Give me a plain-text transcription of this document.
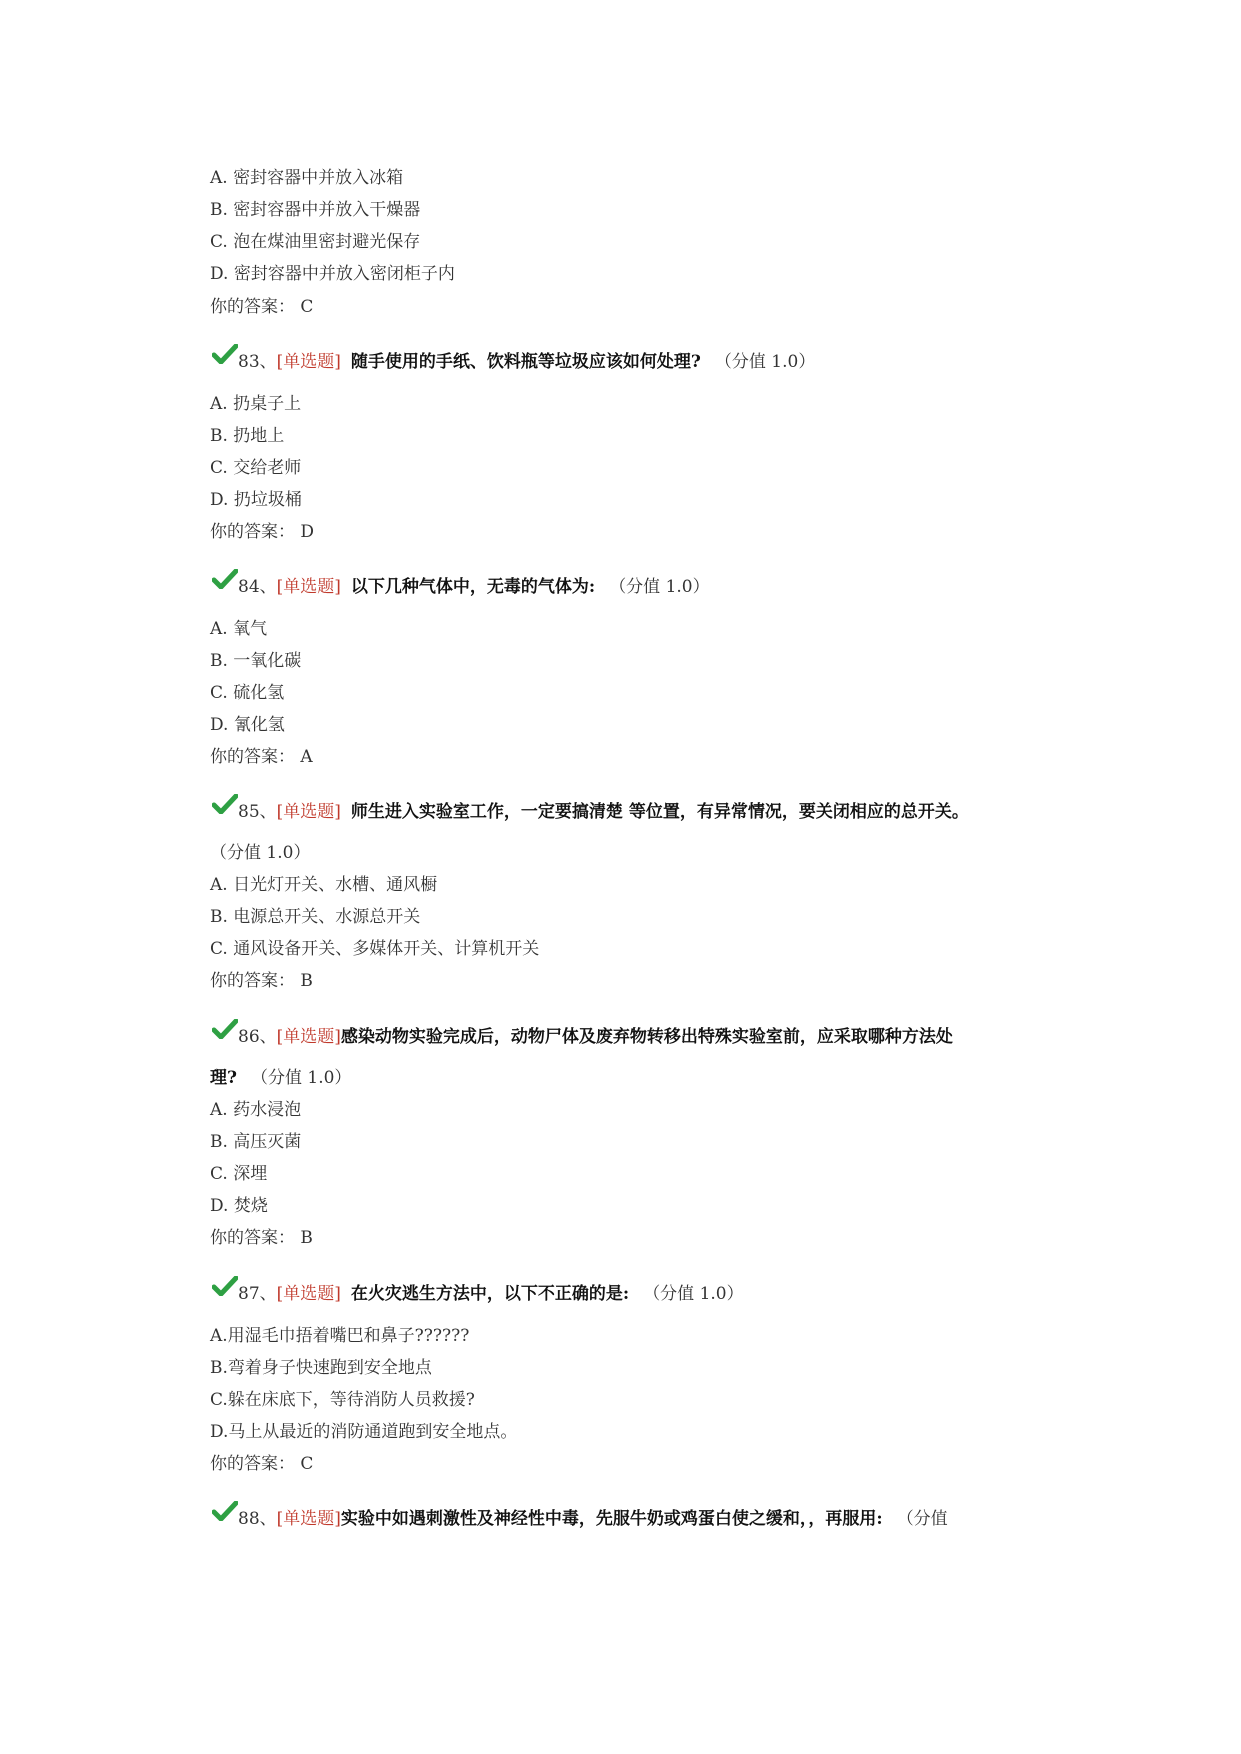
A. 密封容器中并放入冰箱
B. 密封容器中并放入干燥器
C. 泡在煤油里密封避光保存
D. 密封容器中并放入密闭柜子内
你的答案： C
83、[单选题] 随手使用的手纸、饮料瓶等垃圾应该如何处理? （分值 1.0）
A. 扔桌子上
B. 扔地上
C. 交给老师
D. 扔垃圾桶
你的答案： D
84、[单选题] 以下几种气体中，无毒的气体为: （分值 1.0）
A. 氧气
B. 一氧化碳
C. 硫化氢
D. 氰化氢
你的答案： A
85、[单选题] 师生进入实验室工作，一定要搞清楚 等位置，有异常情况，要关闭相应的总开关。
（分值 1.0）
A. 日光灯开关、水槽、通风橱
B. 电源总开关、水源总开关
C. 通风设备开关、多媒体开关、计算机开关
你的答案： B
86、[单选题]感染动物实验完成后，动物尸体及废弃物转移出特殊实验室前，应采取哪种方法处
理? （分值 1.0）
A. 药水浸泡
B. 高压灭菌
C. 深埋
D. 焚烧
你的答案： B
87、[单选题] 在火灾逃生方法中，以下不正确的是: （分值 1.0）
A.用湿毛巾捂着嘴巴和鼻子??????
B.弯着身子快速跑到安全地点
C.躲在床底下，等待消防人员救援?
D.马上从最近的消防通道跑到安全地点。
你的答案： C
88、[单选题]实验中如遇刺激性及神经性中毒，先服牛奶或鸡蛋白使之缓和，，再服用: （分值
